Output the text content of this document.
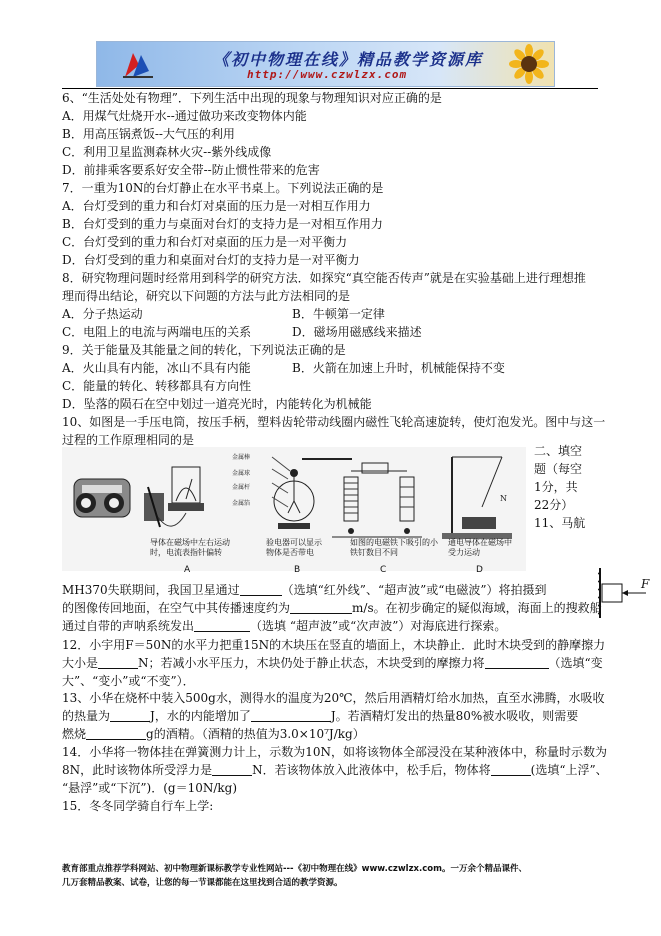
《初中物理在线》精品教学资源库
http://www.czwlzx.com
6、“生活处处有物理”．下列生活中出现的现象与物理知识对应正确的是
A．用煤气灶烧开水--通过做功来改变物体内能
B．用高压锅煮饭--大气压的利用
C．利用卫星监测森林火灾--紫外线成像
D．前排乘客要系好安全带--防止惯性带来的危害
7．一重为10N的台灯静止在水平书桌上。下列说法正确的是
A．台灯受到的重力和台灯对桌面的压力是一对相互作用力
B．台灯受到的重力与桌面对台灯的支持力是一对相互作用力
C．台灯受到的重力和台灯对桌面的压力是一对平衡力
D．台灯受到的重力和桌面对台灯的支持力是一对平衡力
8．研究物理问题时经常用到科学的研究方法．如探究“真空能否传声”就是在实验基础上进行理想推
理而得出结论，研究以下问题的方法与此方法相同的是
A．分子热运动	B．牛顿第一定律
C．电阻上的电流与两端电压的关系	D．磁场用磁感线来描述
9．关于能量及其能量之间的转化，下列说法正确的是
A．火山具有内能，冰山不具有内能	B．火箭在加速上升时，机械能保持不变
C．能量的转化、转移都具有方向性
D．坠落的陨石在空中划过一道亮光时，内能转化为机械能
10、如图是一手压电筒，按压手柄，塑料齿轮带动线圈内磁性飞轮高速旋转，使灯泡发光。图中与这一
过程的工作原理相同的是
N
金属棒
金属球
金属杆
金属箔
导体在磁场中左右运动
时，电流表指针偏转
验电器可以显示
物体是否带电
如图的电磁铁下吸引的小
铁钉数目不同
通电导体在磁场中
受力运动
A	B	C	D
二、填空
题（每空
1分，共
22分）
11、马航
MH370失联期间，我国卫星通过	（选填“红外线”、“超声波”或“电磁波”）将拍摄到
的图像传回地面，在空气中其传播速度约为	m/s。在初步确定的疑似海域，海面上的搜救船
通过自带的声呐系统发出	（选填 “超声波”或“次声波”）对海底进行探索。
F
12．小宇用F＝50N的水平力把重15N的木块压在竖直的墙面上，木块静止．此时木块受到的静摩擦力
大小是	N；若减小水平压力，木块仍处于静止状态，木块受到的摩擦力将	（选填“变
大”、“变小”或“不变”）．
13、小华在烧杯中装入500g水，测得水的温度为20℃，然后用酒精灯给水加热，直至水沸腾，水吸收
的热量为	J，水的内能增加了	J。若酒精灯发出的热量80%被水吸收，则需要
燃烧	g的酒精。（酒精的热值为3.0×10⁷J/kg）
14．小华将一物体挂在弹簧测力计上，示数为10N，如将该物体全部浸没在某种液体中，称量时示数为
8N，此时该物体所受浮力是	N．若该物体放入此液体中，松手后，物体将	(选填“上浮”、
“悬浮”或“下沉”)．(g＝10N/kg)
15．冬冬同学骑自行车上学:
教育部重点推荐学科网站、初中物理新课标教学专业性网站---《初中物理在线》www.czwlzx.com。一万余个精品课件、
几万套精品教案、试卷，让您的每一节课都能在这里找到合适的教学资源。
